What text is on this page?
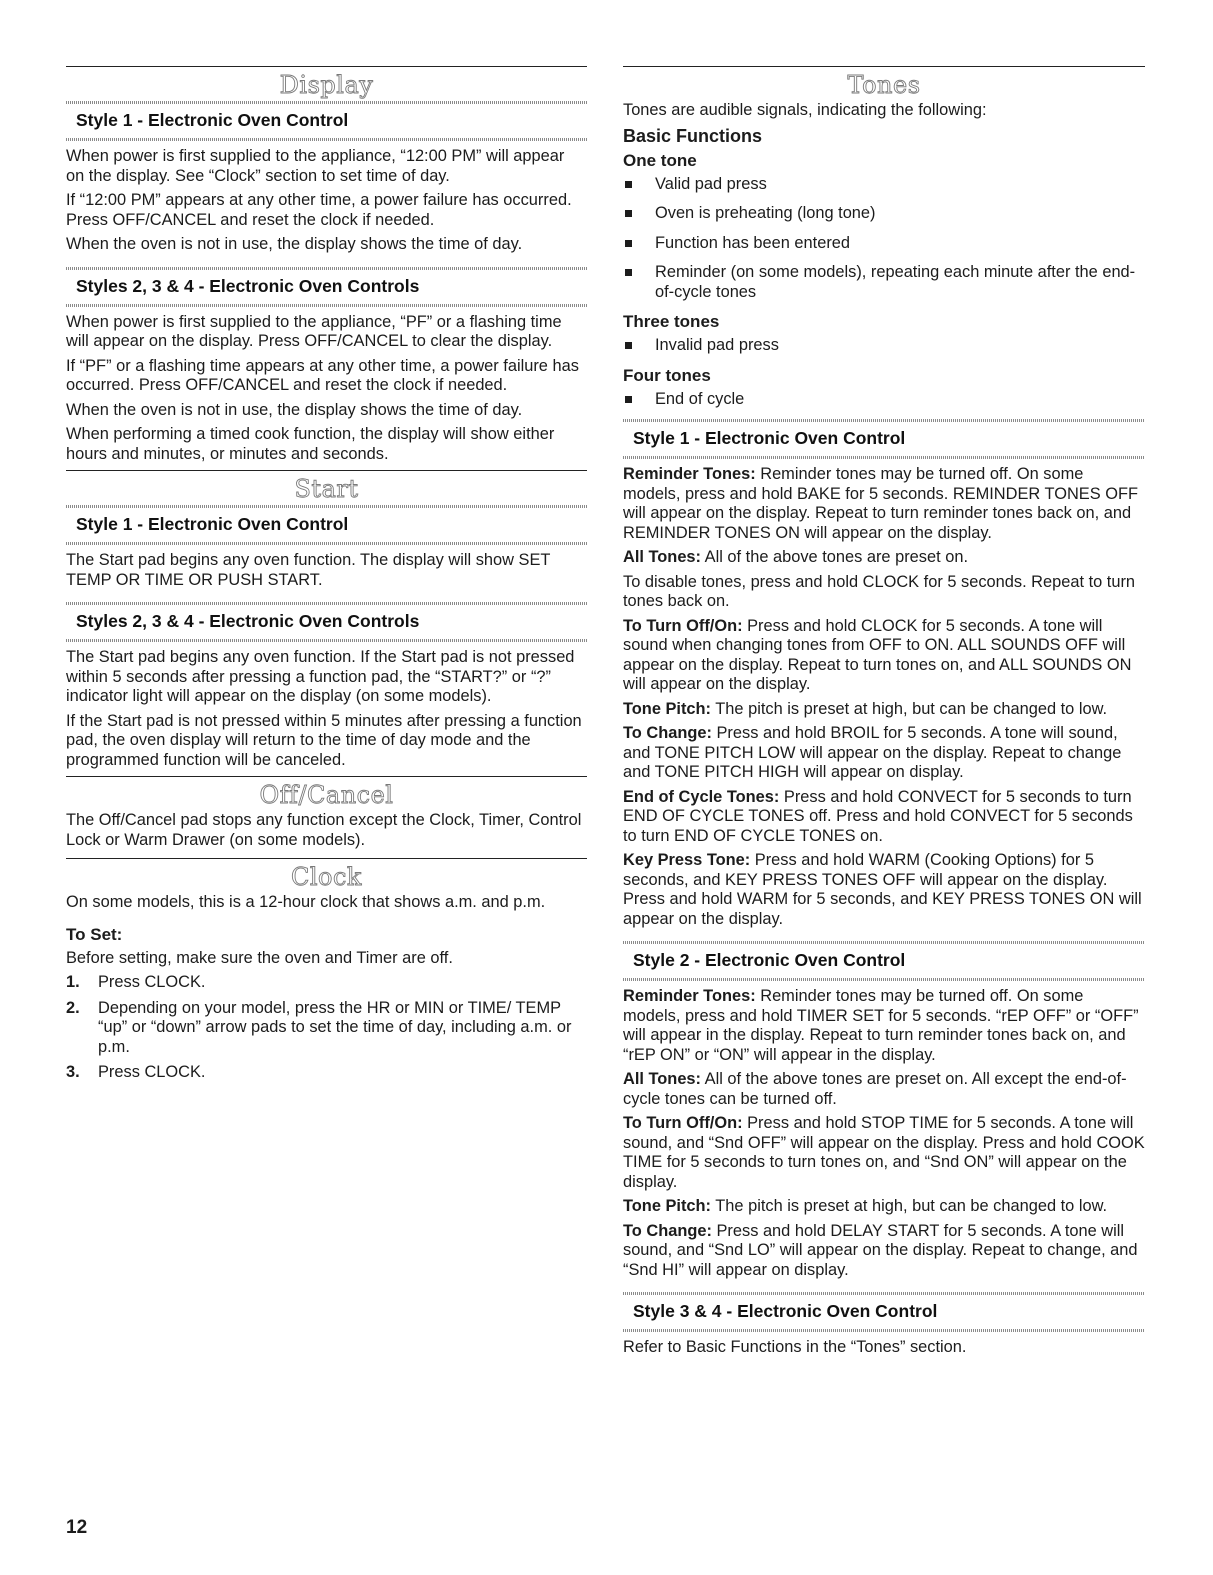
Display
Style 1 - Electronic Oven Control

When power is first supplied to the appliance, “12:00 PM” will appear on the display. See “Clock” section to set time of day.

If “12:00 PM” appears at any other time, a power failure has occurred. Press OFF/CANCEL and reset the clock if needed.

When the oven is not in use, the display shows the time of day.

Styles 2, 3 & 4 - Electronic Oven Controls

When power is first supplied to the appliance, “PF” or a flashing time will appear on the display. Press OFF/CANCEL to clear the display.

If “PF” or a flashing time appears at any other time, a power failure has occurred. Press OFF/CANCEL and reset the clock if needed.

When the oven is not in use, the display shows the time of day.

When performing a timed cook function, the display will show either hours and minutes, or minutes and seconds.

Start
Style 1 - Electronic Oven Control

The Start pad begins any oven function. The display will show SET TEMP OR TIME OR PUSH START.

Styles 2, 3 & 4 - Electronic Oven Controls

The Start pad begins any oven function. If the Start pad is not pressed within 5 seconds after pressing a function pad, the “START?” or “?” indicator light will appear on the display (on some models).

If the Start pad is not pressed within 5 minutes after pressing a function pad, the oven display will return to the time of day mode and the programmed function will be canceled.

Off/Cancel

The Off/Cancel pad stops any function except the Clock, Timer, Control Lock or Warm Drawer (on some models).

Clock

On some models, this is a 12-hour clock that shows a.m. and p.m.

To Set:

Before setting, make sure the oven and Timer are off.

1. Press CLOCK.
2. Depending on your model, press the HR or MIN or TIME/ TEMP “up” or “down” arrow pads to set the time of day, including a.m. or p.m.
3. Press CLOCK.
Tones

Tones are audible signals, indicating the following:

Basic Functions
One tone
Valid pad press
Oven is preheating (long tone)
Function has been entered
Reminder (on some models), repeating each minute after the end-of-cycle tones
Three tones
Invalid pad press
Four tones
End of cycle
Style 1 - Electronic Oven Control

Reminder Tones: Reminder tones may be turned off. On some models, press and hold BAKE for 5 seconds. REMINDER TONES OFF will appear on the display. Repeat to turn reminder tones back on, and REMINDER TONES ON will appear on the display.

All Tones: All of the above tones are preset on.

To disable tones, press and hold CLOCK for 5 seconds. Repeat to turn tones back on.

To Turn Off/On: Press and hold CLOCK for 5 seconds. A tone will sound when changing tones from OFF to ON. ALL SOUNDS OFF will appear on the display. Repeat to turn tones on, and ALL SOUNDS ON will appear on the display.

Tone Pitch: The pitch is preset at high, but can be changed to low.

To Change: Press and hold BROIL for 5 seconds. A tone will sound, and TONE PITCH LOW will appear on the display. Repeat to change and TONE PITCH HIGH will appear on display.

End of Cycle Tones: Press and hold CONVECT for 5 seconds to turn END OF CYCLE TONES off. Press and hold CONVECT for 5 seconds to turn END OF CYCLE TONES on.

Key Press Tone: Press and hold WARM (Cooking Options) for 5 seconds, and KEY PRESS TONES OFF will appear on the display. Press and hold WARM for 5 seconds, and KEY PRESS TONES ON will appear on the display.

Style 2 - Electronic Oven Control

Reminder Tones: Reminder tones may be turned off. On some models, press and hold TIMER SET for 5 seconds. “rEP OFF” or “OFF” will appear in the display. Repeat to turn reminder tones back on, and “rEP ON” or “ON” will appear in the display.

All Tones: All of the above tones are preset on. All except the end-of-cycle tones can be turned off.

To Turn Off/On: Press and hold STOP TIME for 5 seconds. A tone will sound, and “Snd OFF” will appear on the display. Press and hold COOK TIME for 5 seconds to turn tones on, and “Snd ON” will appear on the display.

Tone Pitch: The pitch is preset at high, but can be changed to low.

To Change: Press and hold DELAY START for 5 seconds. A tone will sound, and “Snd LO” will appear on the display. Repeat to change, and “Snd HI” will appear on display.

Style 3 & 4 - Electronic Oven Control

Refer to Basic Functions in the “Tones” section.

12
